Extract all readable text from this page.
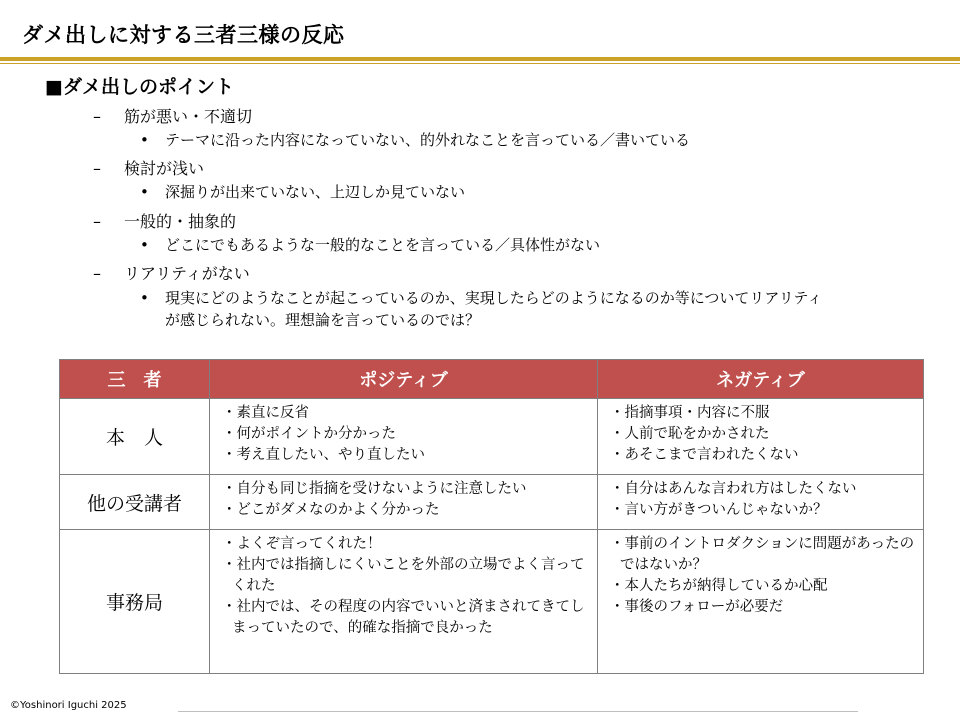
ダメ出しに対する三者三様の反応
■ダメ出しのポイント
– 筋が悪い・不適切
• テーマに沿った内容になっていない、的外れなことを言っている／書いている
– 検討が浅い
• 深掘りが出来ていない、上辺しか見ていない
– 一般的・抽象的
• どこにでもあるような一般的なことを言っている／具体性がない
– リアリティがない
• 現実にどのようなことが起こっているのか、実現したらどのようになるのか等についてリアリティ
が感じられない。理想論を言っているのでは？
三　者	ポジティブ	ネガティブ
本　人	・素直に反省
・何がポイントか分かった
・考え直したい、やり直したい	・指摘事項・内容に不服
・人前で恥をかかされた
・あそこまで言われたくない

他の受講者	・自分も同じ指摘を受けないように注意したい
・どこがダメなのかよく分かった	・自分はあんな言われ方はしたくない
・言い方がきついんじゃないか？

事務局	・よくぞ言ってくれた！
・社内では指摘しにくいことを外部の立場でよく言ってくれた
・社内では、その程度の内容でいいと済まされてきてしまっていたので、的確な指摘で良かった	・事前のイントロダクションに問題があったのではないか？
・本人たちが納得しているか心配
・事後のフォローが必要だ
©Yoshinori Iguchi 2025
